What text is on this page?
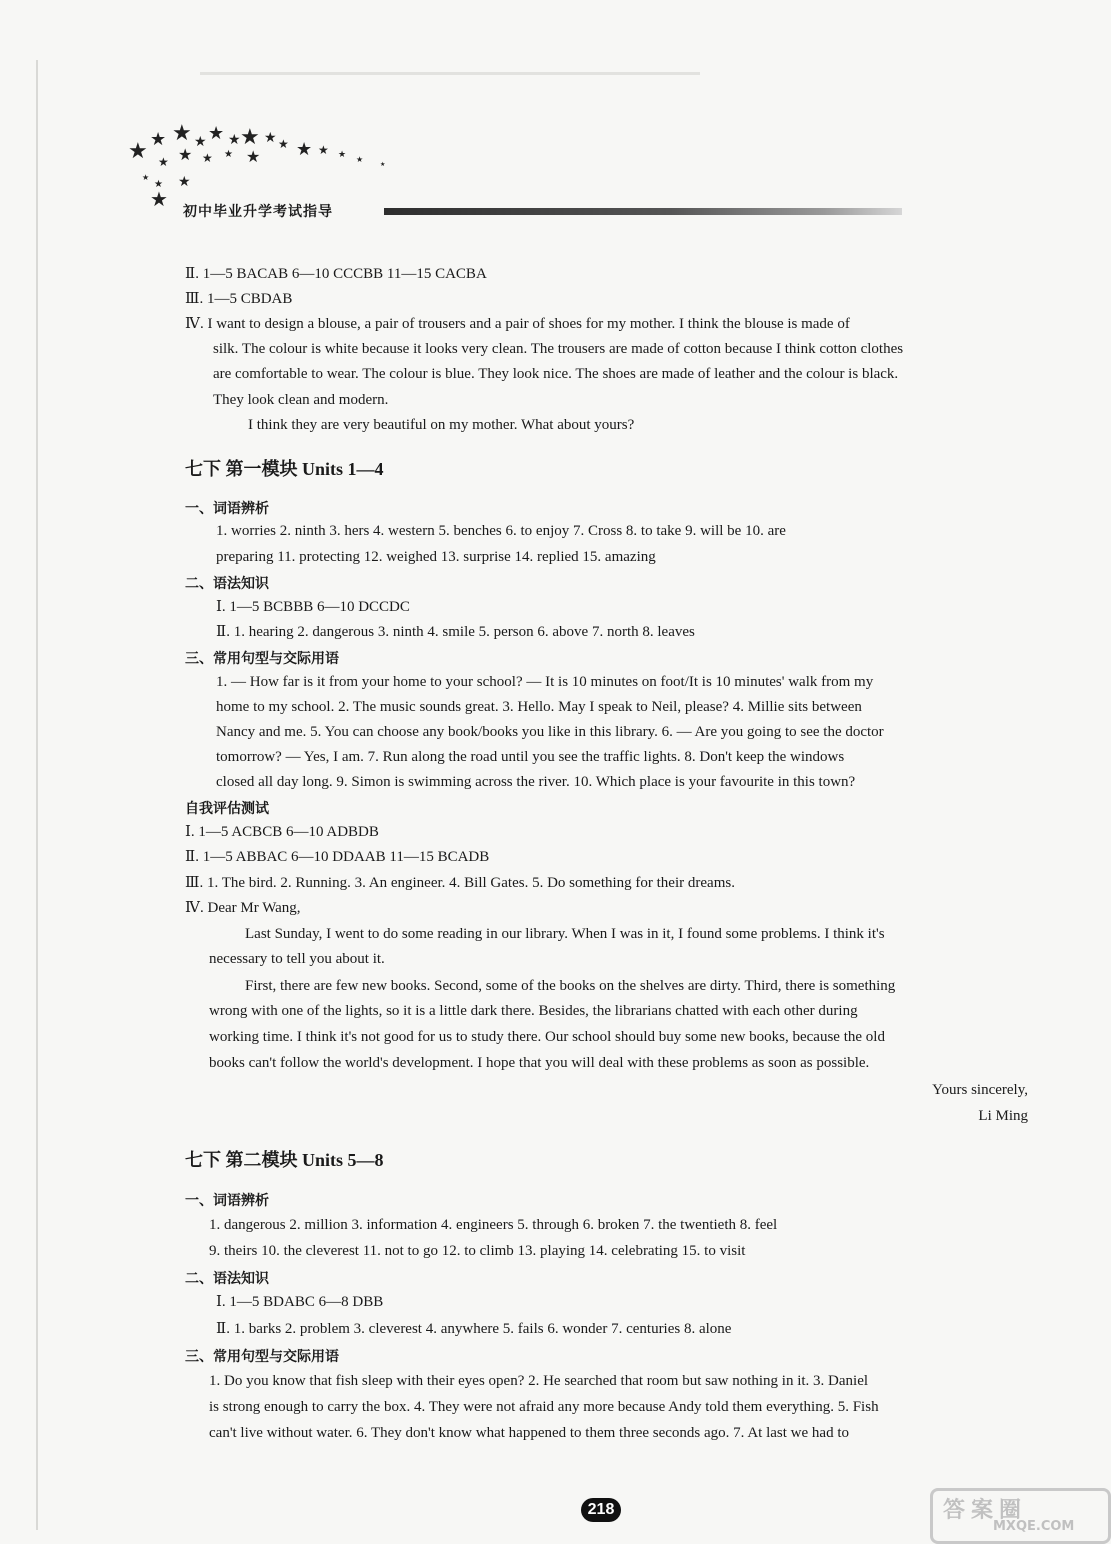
★ ★ ★ ★ ★ ★ ★ ★ ★ ★ ★ ★
★
★
★ ★ ★ ★ ★
★
★ ★
★
初中毕业升学考试指导
Ⅱ. 1—5 BACAB 6—10 CCCBB 11—15 CACBA
Ⅲ. 1—5 CBDAB
Ⅳ. I want to design a blouse, a pair of trousers and a pair of shoes for my mother. I think the blouse is made of
silk. The colour is white because it looks very clean. The trousers are made of cotton because I think cotton clothes
are comfortable to wear. The colour is blue. They look nice. The shoes are made of leather and the colour is black.
They look clean and modern.
I think they are very beautiful on my mother. What about yours?
七下 第一模块 Units 1—4
一、词语辨析
1. worries 2. ninth 3. hers 4. western 5. benches 6. to enjoy 7. Cross 8. to take 9. will be 10. are
preparing 11. protecting 12. weighed 13. surprise 14. replied 15. amazing
二、语法知识
Ⅰ. 1—5 BCBBB 6—10 DCCDC
Ⅱ. 1. hearing 2. dangerous 3. ninth 4. smile 5. person 6. above 7. north 8. leaves
三、常用句型与交际用语
1. — How far is it from your home to your school? — It is 10 minutes on foot/It is 10 minutes' walk from my
home to my school. 2. The music sounds great. 3. Hello. May I speak to Neil, please? 4. Millie sits between
Nancy and me. 5. You can choose any book/books you like in this library. 6. — Are you going to see the doctor
tomorrow? — Yes, I am. 7. Run along the road until you see the traffic lights. 8. Don't keep the windows
closed all day long. 9. Simon is swimming across the river. 10. Which place is your favourite in this town?
自我评估测试
Ⅰ. 1—5 ACBCB 6—10 ADBDB
Ⅱ. 1—5 ABBAC 6—10 DDAAB 11—15 BCADB
Ⅲ. 1. The bird. 2. Running. 3. An engineer. 4. Bill Gates. 5. Do something for their dreams.
Ⅳ. Dear Mr Wang,
Last Sunday, I went to do some reading in our library. When I was in it, I found some problems. I think it's
necessary to tell you about it.
First, there are few new books. Second, some of the books on the shelves are dirty. Third, there is something
wrong with one of the lights, so it is a little dark there. Besides, the librarians chatted with each other during
working time. I think it's not good for us to study there. Our school should buy some new books, because the old
books can't follow the world's development. I hope that you will deal with these problems as soon as possible.
Yours sincerely,
Li Ming
七下 第二模块 Units 5—8
一、词语辨析
1. dangerous 2. million 3. information 4. engineers 5. through 6. broken 7. the twentieth 8. feel
9. theirs 10. the cleverest 11. not to go 12. to climb 13. playing 14. celebrating 15. to visit
二、语法知识
Ⅰ. 1—5 BDABC 6—8 DBB
Ⅱ. 1. barks 2. problem 3. cleverest 4. anywhere 5. fails 6. wonder 7. centuries 8. alone
三、常用句型与交际用语
1. Do you know that fish sleep with their eyes open? 2. He searched that room but saw nothing in it. 3. Daniel
is strong enough to carry the box. 4. They were not afraid any more because Andy told them everything. 5. Fish
can't live without water. 6. They don't know what happened to them three seconds ago. 7. At last we had to
218	答案圈
MXQE.COM
